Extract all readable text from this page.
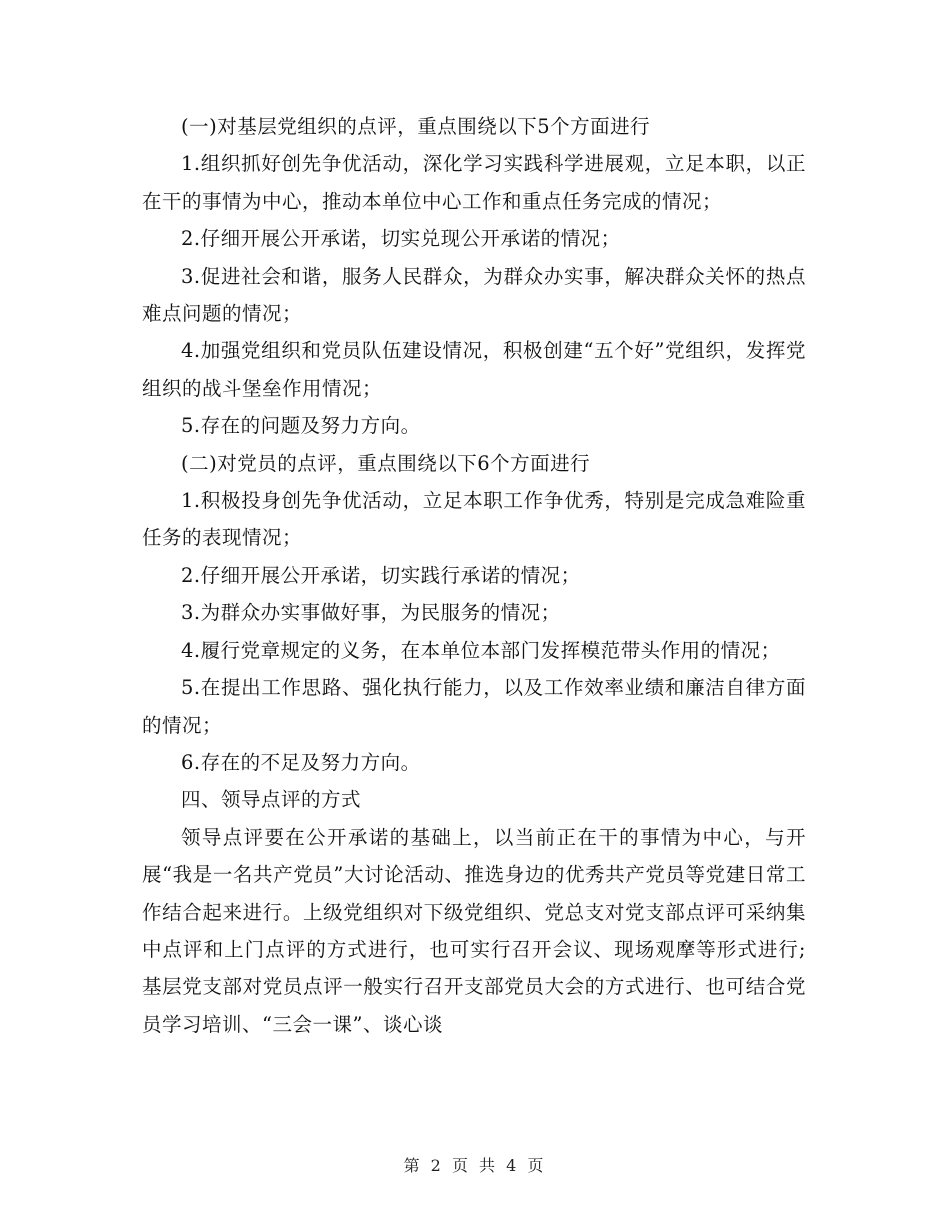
(一)对基层党组织的点评，重点围绕以下5个方面进行

1.组织抓好创先争优活动，深化学习实践科学进展观，立足本职，以正在干的事情为中心，推动本单位中心工作和重点任务完成的情况；

2.仔细开展公开承诺，切实兑现公开承诺的情况；

3.促进社会和谐，服务人民群众，为群众办实事，解决群众关怀的热点难点问题的情况；

4.加强党组织和党员队伍建设情况，积极创建“五个好”党组织，发挥党组织的战斗堡垒作用情况；

5.存在的问题及努力方向。

(二)对党员的点评，重点围绕以下6个方面进行

1.积极投身创先争优活动，立足本职工作争优秀，特别是完成急难险重任务的表现情况；

2.仔细开展公开承诺，切实践行承诺的情况；

3.为群众办实事做好事，为民服务的情况；

4.履行党章规定的义务，在本单位本部门发挥模范带头作用的情况；

5.在提出工作思路、强化执行能力，以及工作效率业绩和廉洁自律方面的情况；

6.存在的不足及努力方向。

四、领导点评的方式

领导点评要在公开承诺的基础上，以当前正在干的事情为中心，与开展“我是一名共产党员”大讨论活动、推选身边的优秀共产党员等党建日常工作结合起来进行。上级党组织对下级党组织、党总支对党支部点评可采纳集中点评和上门点评的方式进行，也可实行召开会议、现场观摩等形式进行;基层党支部对党员点评一般实行召开支部党员大会的方式进行、也可结合党员学习培训、“三会一课”、谈心谈

第 2 页 共 4 页
